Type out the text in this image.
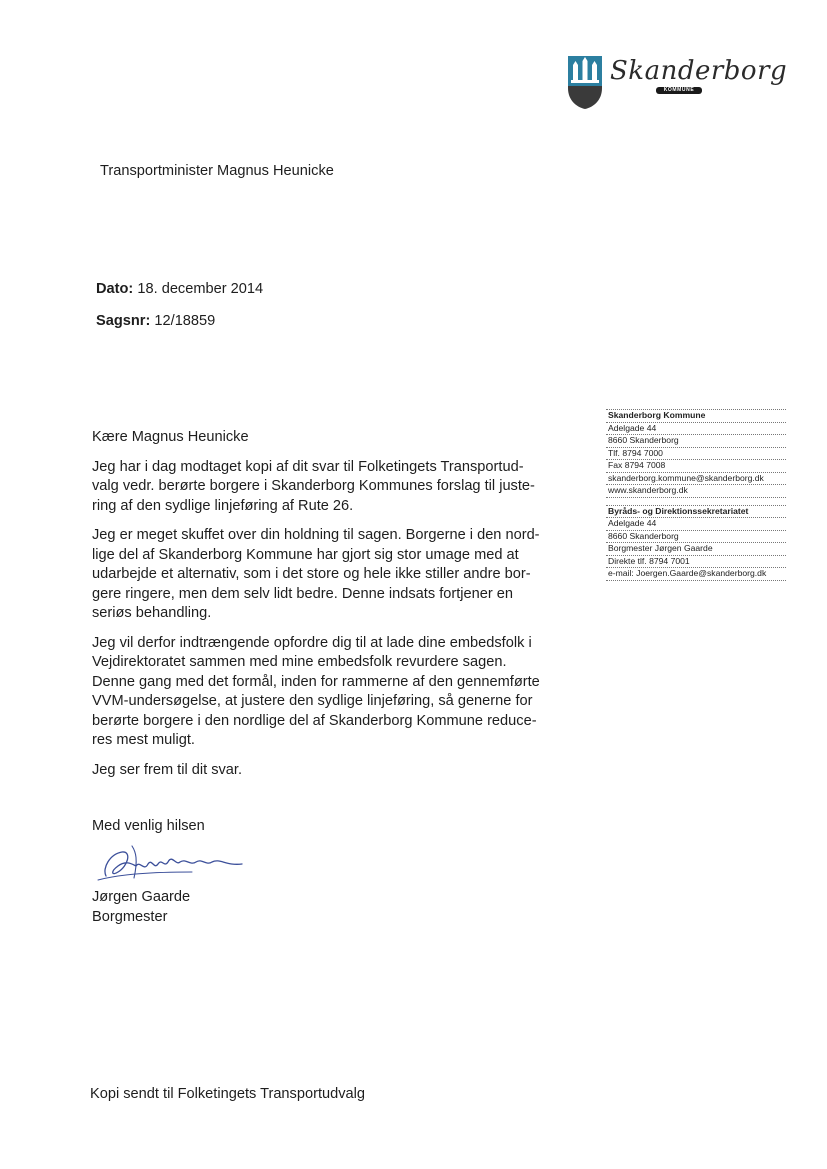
Skanderborg
KOMMUNE
Transportminister Magnus Heunicke
Dato: 18. december 2014
Sagsnr: 12/18859
Kære Magnus Heunicke
Jeg har i dag modtaget kopi af dit svar til Folketingets Transportud-
valg vedr. berørte borgere i Skanderborg Kommunes forslag til juste-
ring af den sydlige linjeføring af Rute 26.
Jeg er meget skuffet over din holdning til sagen. Borgerne i den nord-
lige del af Skanderborg Kommune har gjort sig stor umage med at
udarbejde et alternativ, som i det store og hele ikke stiller andre bor-
gere ringere, men dem selv lidt bedre. Denne indsats fortjener en
seriøs behandling.
Jeg vil derfor indtrængende opfordre dig til at lade dine embedsfolk i
Vejdirektoratet sammen med mine embedsfolk revurdere sagen.
Denne gang med det formål, inden for rammerne af den gennemførte
VVM-undersøgelse, at justere den sydlige linjeføring, så generne for
berørte borgere i den nordlige del af Skanderborg Kommune reduce-
res mest muligt.
Jeg ser frem til dit svar.
Med venlig hilsen
Jørgen Gaarde
Borgmester
Kopi sendt til Folketingets Transportudvalg
Skanderborg Kommune
Adelgade 44
8660 Skanderborg
Tlf. 8794 7000
Fax 8794 7008
skanderborg.kommune@skanderborg.dk
www.skanderborg.dk
Byråds- og Direktionssekretariatet
Adelgade 44
8660 Skanderborg
Borgmester Jørgen Gaarde
Direkte tlf. 8794 7001
e-mail: Joergen.Gaarde@skanderborg.dk
